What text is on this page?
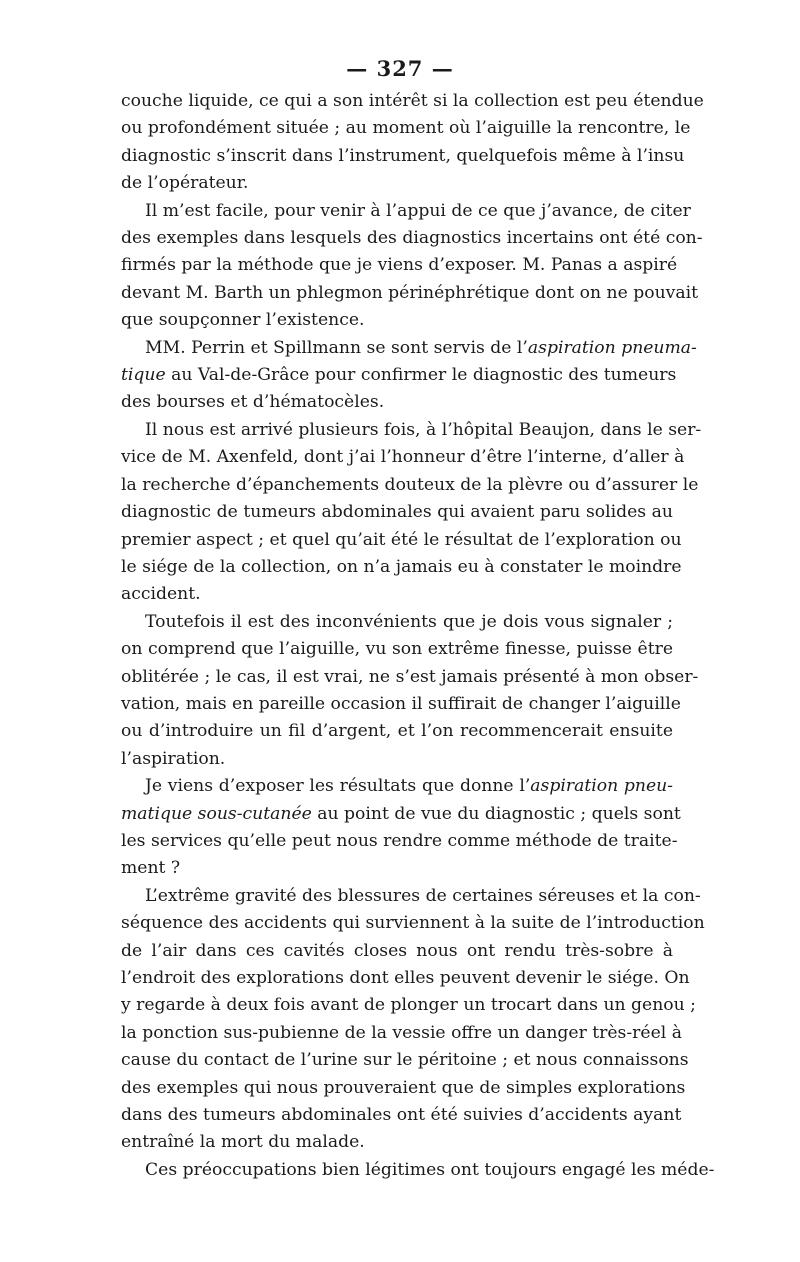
— 327 —

couche liquide, ce qui a son intérêt si la collection est peu étendue
ou profondément située ; au moment où l’aiguille la rencontre, le
diagnostic s’inscrit dans l’instrument, quelquefois même à l’insu
de l’opérateur.

Il m’est facile, pour venir à l’appui de ce que j’avance, de citer
des exemples dans lesquels des diagnostics incertains ont été con-
firmés par la méthode que je viens d’exposer. M. Panas a aspiré
devant M. Barth un phlegmon périnéphrétique dont on ne pouvait
que soupçonner l’existence.

MM. Perrin et Spillmann se sont servis de l’aspiration pneuma-
tique au Val-de-Grâce pour confirmer le diagnostic des tumeurs
des bourses et d’hématocèles.

Il nous est arrivé plusieurs fois, à l’hôpital Beaujon, dans le ser-
vice de M. Axenfeld, dont j’ai l’honneur d’être l’interne, d’aller à
la recherche d’épanchements douteux de la plèvre ou d’assurer le
diagnostic de tumeurs abdominales qui avaient paru solides au
premier aspect ; et quel qu’ait été le résultat de l’exploration ou
le siége de la collection, on n’a jamais eu à constater le moindre
accident.

Toutefois il est des inconvénients que je dois vous signaler ;
on comprend que l’aiguille, vu son extrême finesse, puisse être
oblitérée ; le cas, il est vrai, ne s’est jamais présenté à mon obser-
vation, mais en pareille occasion il suffirait de changer l’aiguille
ou d’introduire un fil d’argent, et l’on recommencerait ensuite
l’aspiration.

Je viens d’exposer les résultats que donne l’aspiration pneu-
matique sous-cutanée au point de vue du diagnostic ; quels sont
les services qu’elle peut nous rendre comme méthode de traite-
ment ?

L’extrême gravité des blessures de certaines séreuses et la con-
séquence des accidents qui surviennent à la suite de l’introduction
de l’air dans ces cavités closes nous ont rendu très-sobre à
l’endroit des explorations dont elles peuvent devenir le siége. On
y regarde à deux fois avant de plonger un trocart dans un genou ;
la ponction sus-pubienne de la vessie offre un danger très-réel à
cause du contact de l’urine sur le péritoine ; et nous connaissons
des exemples qui nous prouveraient que de simples explorations
dans des tumeurs abdominales ont été suivies d’accidents ayant
entraîné la mort du malade.

Ces préoccupations bien légitimes ont toujours engagé les méde-
